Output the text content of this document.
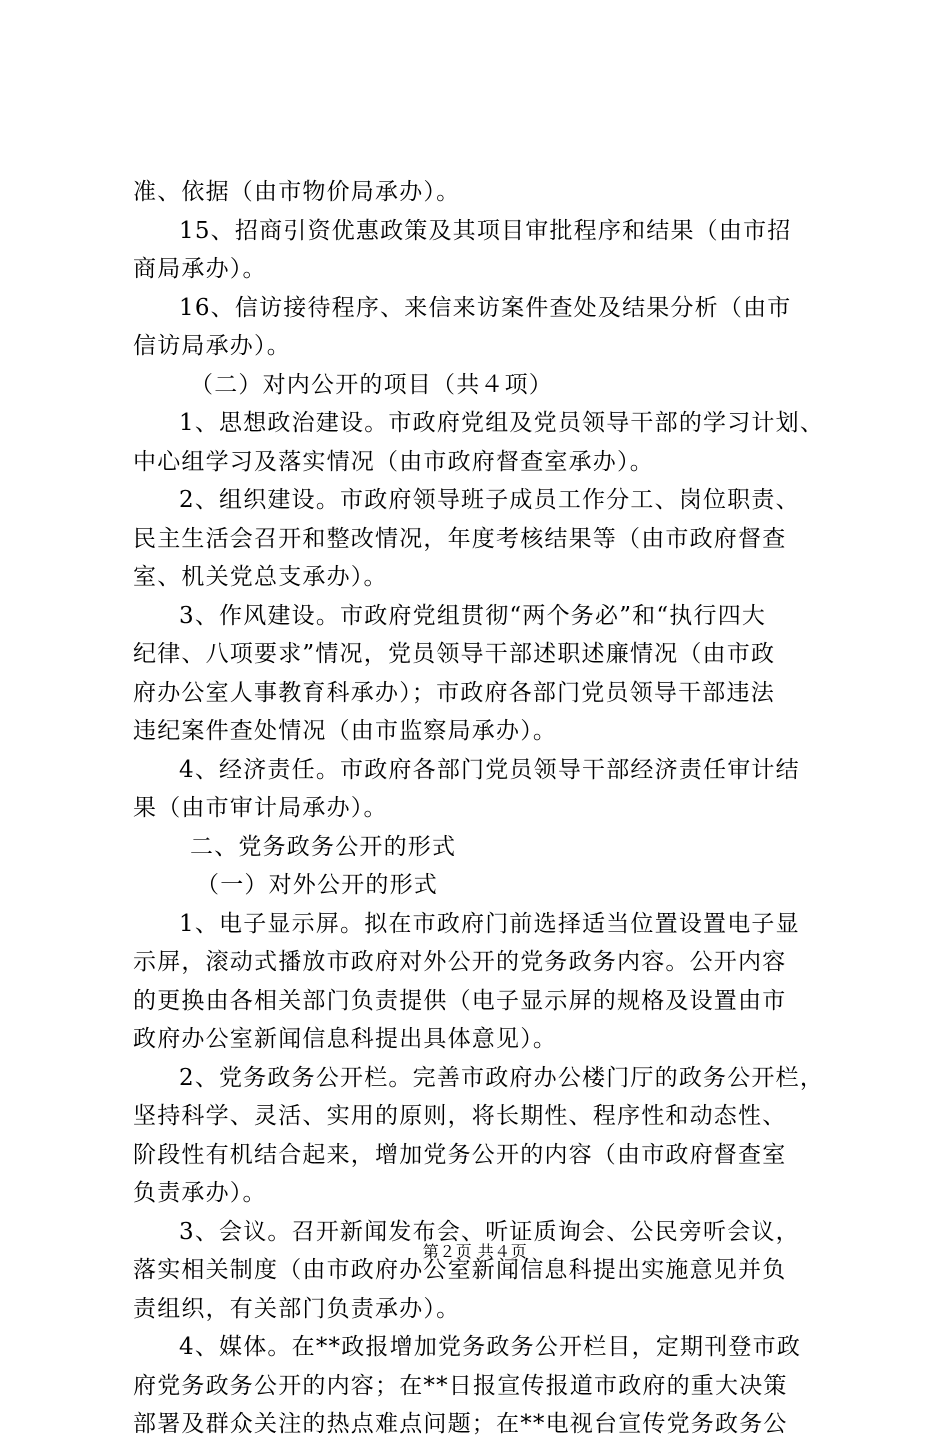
准、依据（由市物价局承办）。
15、招商引资优惠政策及其项目审批程序和结果（由市招
商局承办）。
16、信访接待程序、来信来访案件查处及结果分析（由市
信访局承办）。
（二）对内公开的项目（共４项）
1、思想政治建设。市政府党组及党员领导干部的学习计划、
中心组学习及落实情况（由市政府督查室承办）。
2、组织建设。市政府领导班子成员工作分工、岗位职责、
民主生活会召开和整改情况，年度考核结果等（由市政府督查
室、机关党总支承办）。
3、作风建设。市政府党组贯彻“两个务必”和“执行四大
纪律、八项要求”情况，党员领导干部述职述廉情况（由市政
府办公室人事教育科承办）；市政府各部门党员领导干部违法
违纪案件查处情况（由市监察局承办）。
4、经济责任。市政府各部门党员领导干部经济责任审计结
果（由市审计局承办）。
二、党务政务公开的形式
（一）对外公开的形式
1、电子显示屏。拟在市政府门前选择适当位置设置电子显
示屏，滚动式播放市政府对外公开的党务政务内容。公开内容
的更换由各相关部门负责提供（电子显示屏的规格及设置由市
政府办公室新闻信息科提出具体意见）。
2、党务政务公开栏。完善市政府办公楼门厅的政务公开栏，
坚持科学、灵活、实用的原则，将长期性、程序性和动态性、
阶段性有机结合起来，增加党务公开的内容（由市政府督查室
负责承办）。
3、会议。召开新闻发布会、听证质询会、公民旁听会议，
落实相关制度（由市政府办公室新闻信息科提出实施意见并负
责组织，有关部门负责承办）。
4、媒体。在**政报增加党务政务公开栏目，定期刊登市政
府党务政务公开的内容；在**日报宣传报道市政府的重大决策
部署及群众关注的热点难点问题；在**电视台宣传党务政务公
第２页 共４页
